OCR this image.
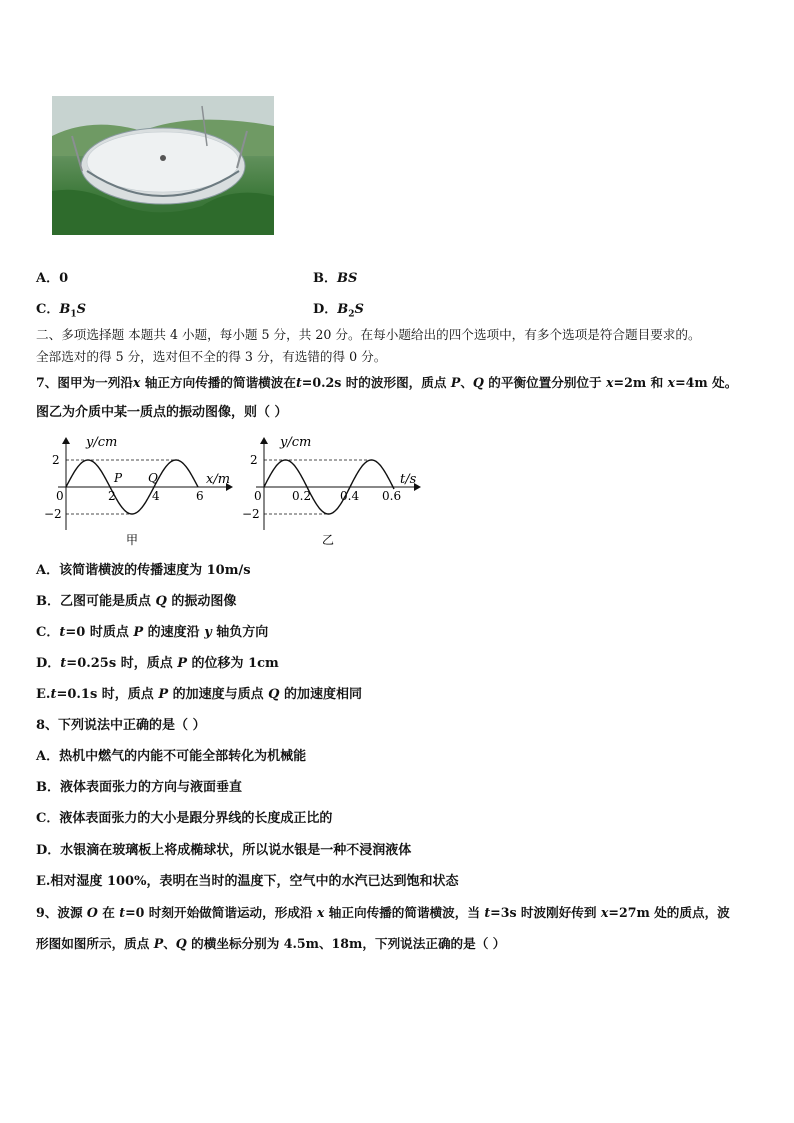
A．0	B．BS
C．$B_1S$	D．$B_2S$
二、多项选择题 本题共 4 小题，每小题 5 分，共 20 分。在每小题给出的四个选项中，有多个选项是符合题目要求的。
全部选对的得 5 分，选对但不全的得 3 分，有选错的得 0 分。
7、图甲为一列沿x 轴正方向传播的简谐横波在t=0.2s 时的波形图，质点 P、Q 的平衡位置分别位于 x=2m 和 x=4m 处。
图乙为介质中某一质点的振动图像，则（ ）
y/cm
x/m
2
−2
0	2	4	6
P Q
甲
y/cm
t/s
2
−2
0	0.2 0.4 0.6
乙
A．该简谐横波的传播速度为 10m/s
B．乙图可能是质点 Q 的振动图像
C．t=0 时质点 P 的速度沿 y 轴负方向
D．t=0.25s 时，质点 P 的位移为 1cm
E.t=0.1s 时，质点 P 的加速度与质点 Q 的加速度相同
8、下列说法中正确的是（ ）
A．热机中燃气的内能不可能全部转化为机械能
B．液体表面张力的方向与液面垂直
C．液体表面张力的大小是跟分界线的长度成正比的
D．水银滴在玻璃板上将成椭球状，所以说水银是一种不浸润液体
E.相对湿度 100%，表明在当时的温度下，空气中的水汽已达到饱和状态
9、波源 O 在 t=0 时刻开始做简谐运动，形成沿 x 轴正向传播的简谐横波，当 t=3s 时波刚好传到 x=27m 处的质点，波
形图如图所示，质点 P、Q 的横坐标分别为 4.5m、18m，下列说法正确的是（ ）
